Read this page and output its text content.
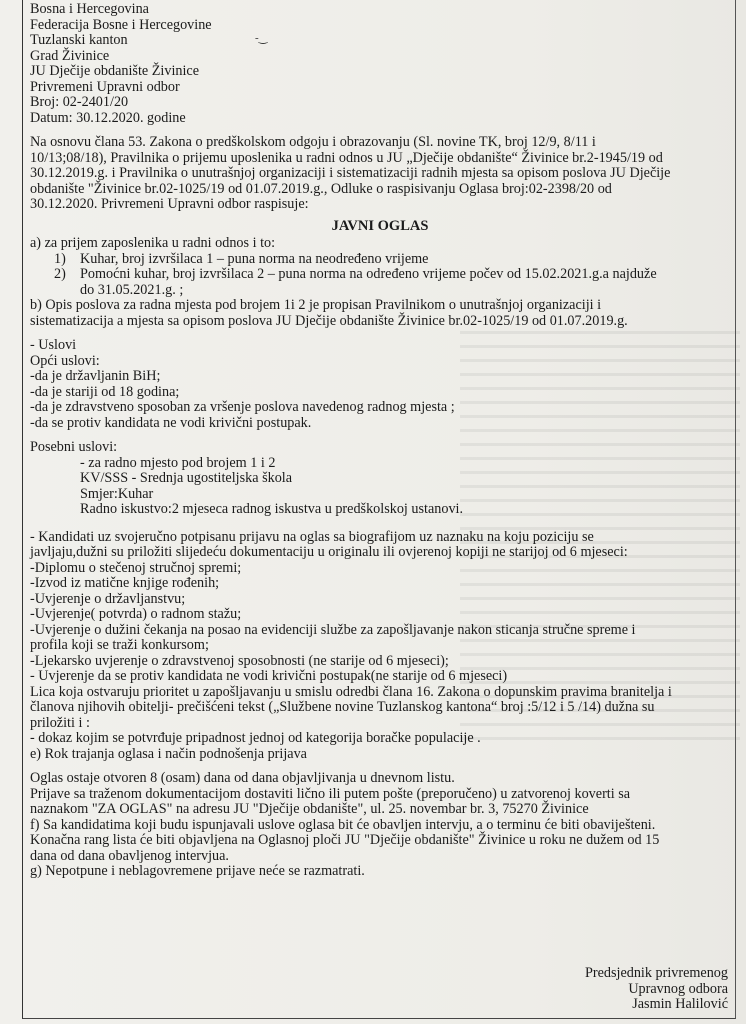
-‿
Bosna i Hercegovina
Federacija Bosne i Hercegovine
Tuzlanski kanton
Grad Živinice
JU Dječije obdanište Živinice
Privremeni Upravni odbor
Broj: 02-2401/20
Datum: 30.12.2020. godine
Na osnovu člana 53. Zakona o predškolskom odgoju i obrazovanju (Sl. novine TK, broj 12/9, 8/11 i
10/13;08/18), Pravilnika o prijemu uposlenika u radni odnos u JU „Dječije obdanište“ Živinice br.2-1945/19 od
30.12.2019.g. i Pravilnika o unutrašnjoj organizaciji i sistematizaciji radnih mjesta sa opisom poslova JU Dječije
obdanište "Živinice br.02-1025/19 od 01.07.2019.g., Odluke o raspisivanju Oglasa broj:02-2398/20 od
30.12.2020. Privremeni Upravni odbor raspisuje:
JAVNI OGLAS
a) za prijem zaposlenika u radni odnos i to:
1) Kuhar, broj izvršilaca 1 – puna norma na neodređeno vrijeme
2) Pomoćni kuhar, broj izvršilaca 2 – puna norma na određeno vrijeme počev od 15.02.2021.g.a najduže
do 31.05.2021.g. ;
b) Opis poslova za radna mjesta pod brojem 1i 2 je propisan Pravilnikom o unutrašnjoj organizaciji i
sistematizacija a mjesta sa opisom poslova JU Dječije obdanište Živinice br.02-1025/19 od 01.07.2019.g.
- Uslovi
Opći uslovi:
-da je državljanin BiH;
-da je stariji od 18 godina;
-da je zdravstveno sposoban za vršenje poslova navedenog radnog mjesta ;
-da se protiv kandidata ne vodi krivični postupak.
Posebni uslovi:
- za radno mjesto pod brojem 1 i 2
KV/SSS - Srednja ugostiteljska škola
Smjer:Kuhar
Radno iskustvo:2 mjeseca radnog iskustva u predškolskoj ustanovi.
- Kandidati uz svojeručno potpisanu prijavu na oglas sa biografijom uz naznaku na koju poziciju se
javljaju,dužni su priložiti slijedeću dokumentaciju u originalu ili ovjerenoj kopiji ne starijoj od 6 mjeseci:
-Diplomu o stečenoj stručnoj spremi;
-Izvod iz matične knjige rođenih;
-Uvjerenje o državljanstvu;
-Uvjerenje( potvrda) o radnom stažu;
-Uvjerenje o dužini čekanja na posao na evidenciji službe za zapošljavanje nakon sticanja stručne spreme i
profila koji se traži konkursom;
-Ljekarsko uvjerenje o zdravstvenoj sposobnosti (ne starije od 6 mjeseci);
- Uvjerenje da se protiv kandidata ne vodi krivični postupak(ne starije od 6 mjeseci)
Lica koja ostvaruju prioritet u zapošljavanju u smislu odredbi člana 16. Zakona o dopunskim pravima branitelja i
članova njihovih obitelji- prečišćeni tekst („Službene novine Tuzlanskog kantona“ broj :5/12 i 5 /14) dužna su
priložiti i :
- dokaz kojim se potvrđuje pripadnost jednoj od kategorija boračke populacije .
e) Rok trajanja oglasa i način podnošenja prijava
Oglas ostaje otvoren 8 (osam) dana od dana objavljivanja u dnevnom listu.
Prijave sa traženom dokumentacijom dostaviti lično ili putem pošte (preporučeno) u zatvorenoj koverti sa
naznakom "ZA OGLAS" na adresu JU "Dječije obdanište", ul. 25. novembar br. 3, 75270 Živinice
f) Sa kandidatima koji budu ispunjavali uslove oglasa bit će obavljen intervju, a o terminu će biti obaviješteni.
Konačna rang lista će biti objavljena na Oglasnoj ploči JU "Dječije obdanište" Živinice u roku ne dužem od 15
dana od dana obavljenog intervjua.
g) Nepotpune i neblagovremene prijave neće se razmatrati.
Predsjednik privremenog
Upravnog odbora
Jasmin Halilović
